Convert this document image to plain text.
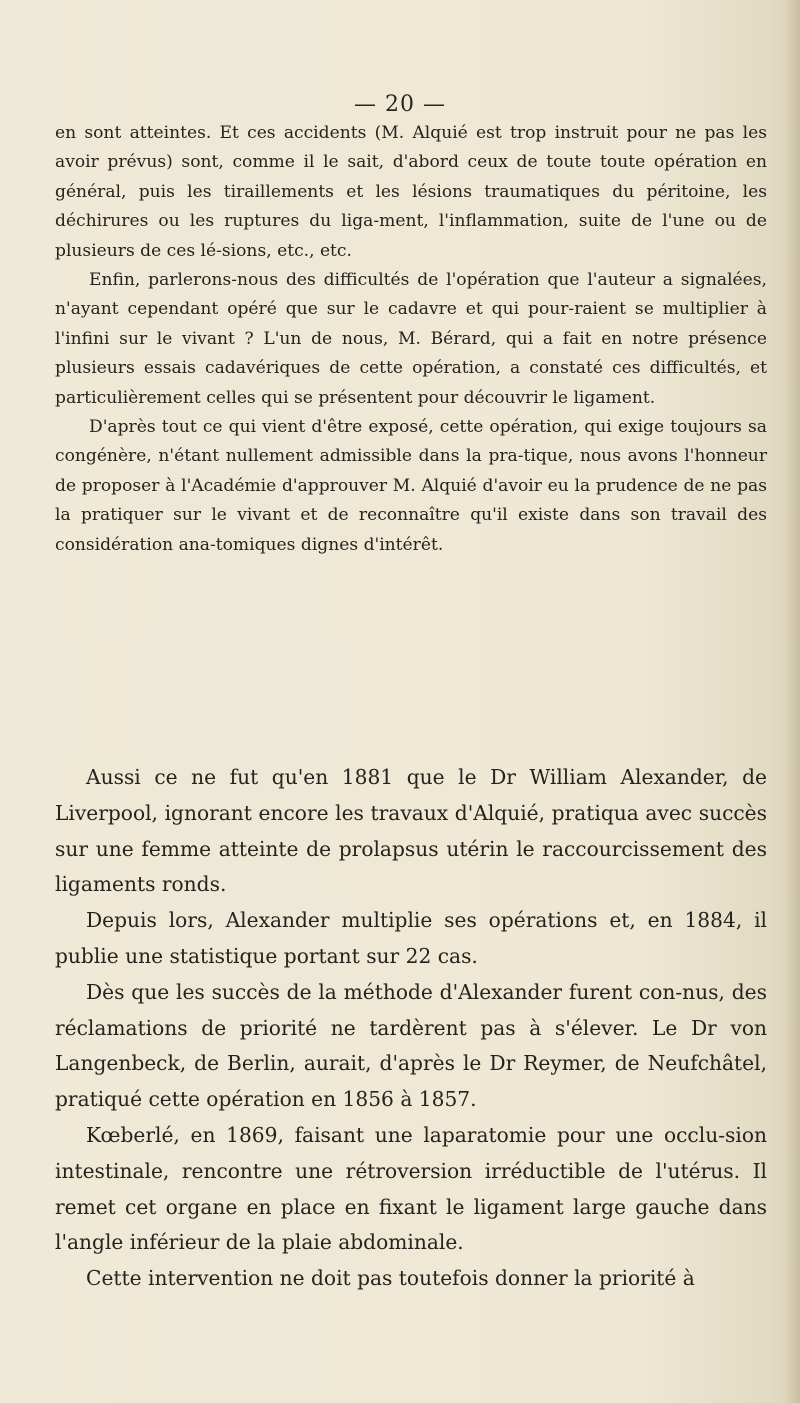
— 20 —

en sont atteintes. Et ces accidents (M. Alquié est trop instruit pour ne pas les avoir prévus) sont, comme il le sait, d'abord ceux de toute toute opération en général, puis les tiraillements et les lésions traumatiques du péritoine, les déchirures ou les ruptures du liga-ment, l'inflammation, suite de l'une ou de plusieurs de ces lé-sions, etc., etc.

Enfin, parlerons-nous des difficultés de l'opération que l'auteur a signalées, n'ayant cependant opéré que sur le cadavre et qui pour-raient se multiplier à l'infini sur le vivant ? L'un de nous, M. Bérard, qui a fait en notre présence plusieurs essais cadavériques de cette opération, a constaté ces difficultés, et particulièrement celles qui se présentent pour découvrir le ligament.

D'après tout ce qui vient d'être exposé, cette opération, qui exige toujours sa congénère, n'étant nullement admissible dans la pra-tique, nous avons l'honneur de proposer à l'Académie d'approuver M. Alquié d'avoir eu la prudence de ne pas la pratiquer sur le vivant et de reconnaître qu'il existe dans son travail des considération ana-tomiques dignes d'intérêt.

Aussi ce ne fut qu'en 1881 que le Dr William Alexander, de Liverpool, ignorant encore les travaux d'Alquié, pratiqua avec succès sur une femme atteinte de prolapsus utérin le raccourcissement des ligaments ronds.

Depuis lors, Alexander multiplie ses opérations et, en 1884, il publie une statistique portant sur 22 cas.

Dès que les succès de la méthode d'Alexander furent con-nus, des réclamations de priorité ne tardèrent pas à s'élever. Le Dr von Langenbeck, de Berlin, aurait, d'après le Dr Reymer, de Neufchâtel, pratiqué cette opération en 1856 à 1857.

Kœberlé, en 1869, faisant une laparatomie pour une occlu-sion intestinale, rencontre une rétroversion irréductible de l'utérus. Il remet cet organe en place en fixant le ligament large gauche dans l'angle inférieur de la plaie abdominale.

Cette intervention ne doit pas toutefois donner la priorité à
